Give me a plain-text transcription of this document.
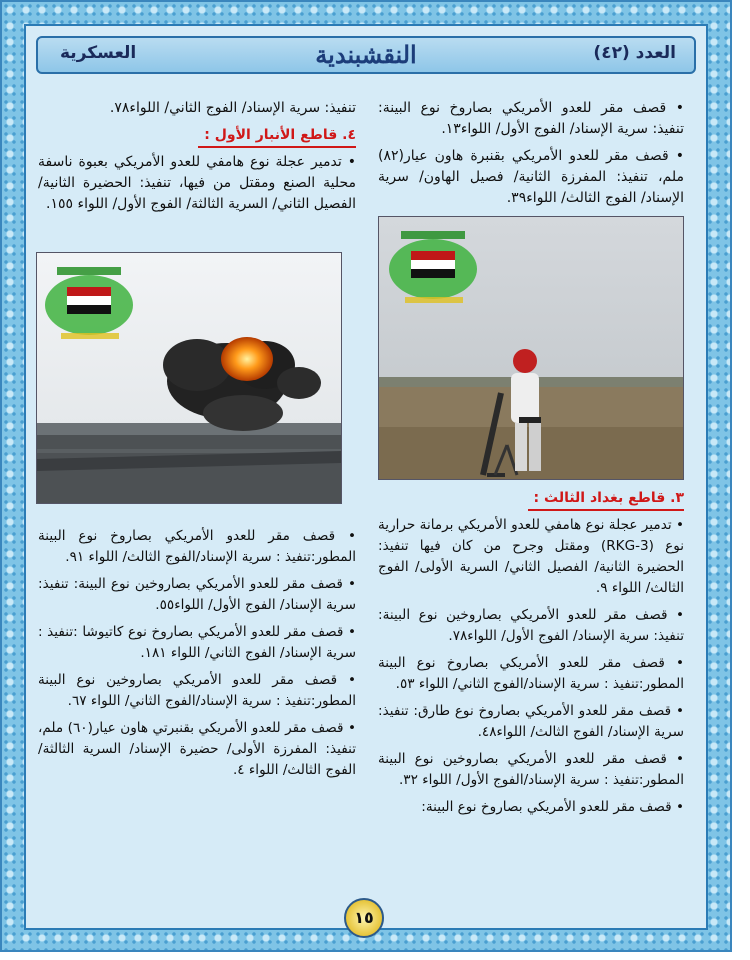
العدد (٤٢)
النقشبندية
العسكرية

تنفيذ: سرية الإسناد/ الفوج الثاني/ اللواء٧٨.

٤. قاطع الأنبار الأول :

• تدمير عجلة نوع هامفي للعدو الأمريكي بعبوة ناسفة محلية الصنع ومقتل من فيها، تنفيذ: الحضيرة الثانية/ الفصيل الثاني/ السرية الثالثة/ الفوج الأول/ اللواء ١٥٥.

• قصف مقر للعدو الأمريكي بصاروخ نوع البينة: تنفيذ: سرية الإسناد/ الفوج الأول/ اللواء١٣.

• قصف مقر للعدو الأمريكي بقنبرة هاون عيار(٨٢) ملم، تنفيذ: المفرزة الثانية/ فصيل الهاون/ سرية الإسناد/ الفوج الثالث/ اللواء٣٩.

• قصف مقر للعدو الأمريكي بصاروخ نوع البينة المطور:تنفيذ : سرية الإسناد/الفوج الثالث/ اللواء ٩١.

• قصف مقر للعدو الأمريكي بصاروخين نوع البينة: تنفيذ: سرية الإسناد/ الفوج الأول/ اللواء٥٥.

• قصف مقر للعدو الأمريكي بصاروخ نوع كاتيوشا :تنفيذ : سرية الإسناد/ الفوج الثاني/ اللواء ١٨١.

• قصف مقر للعدو الأمريكي بصاروخين نوع البينة المطور:تنفيذ : سرية الإسناد/الفوج الثاني/ اللواء ٦٧.

• قصف مقر للعدو الأمريكي بقنبرتي هاون عيار(٦٠) ملم، تنفيذ: المفرزة الأولى/ حضيرة الإسناد/ السرية الثالثة/ الفوج الثالث/ اللواء ٤.

٣. قاطع بغداد الثالث :

• تدمير عجلة نوع هامفي للعدو الأمريكي برمانة حرارية نوع (RKG-3) ومقتل وجرح من كان فيها تنفيذ: الحضيرة الثانية/ الفصيل الثاني/ السرية الأولى/ الفوج الثالث/ اللواء ٩.

• قصف مقر للعدو الأمريكي بصاروخين نوع البينة: تنفيذ: سرية الإسناد/ الفوج الأول/ اللواء٧٨.

• قصف مقر للعدو الأمريكي بصاروخ نوع البينة المطور:تنفيذ : سرية الإسناد/الفوج الثاني/ اللواء ٥٣.

• قصف مقر للعدو الأمريكي بصاروخ نوع طارق: تنفيذ: سرية الإسناد/ الفوج الثالث/ اللواء٤٨.

• قصف مقر للعدو الأمريكي بصاروخين نوع البينة المطور:تنفيذ : سرية الإسناد/الفوج الأول/ اللواء ٣٢.

• قصف مقر للعدو الأمريكي بصاروخ نوع البينة:

١٥
